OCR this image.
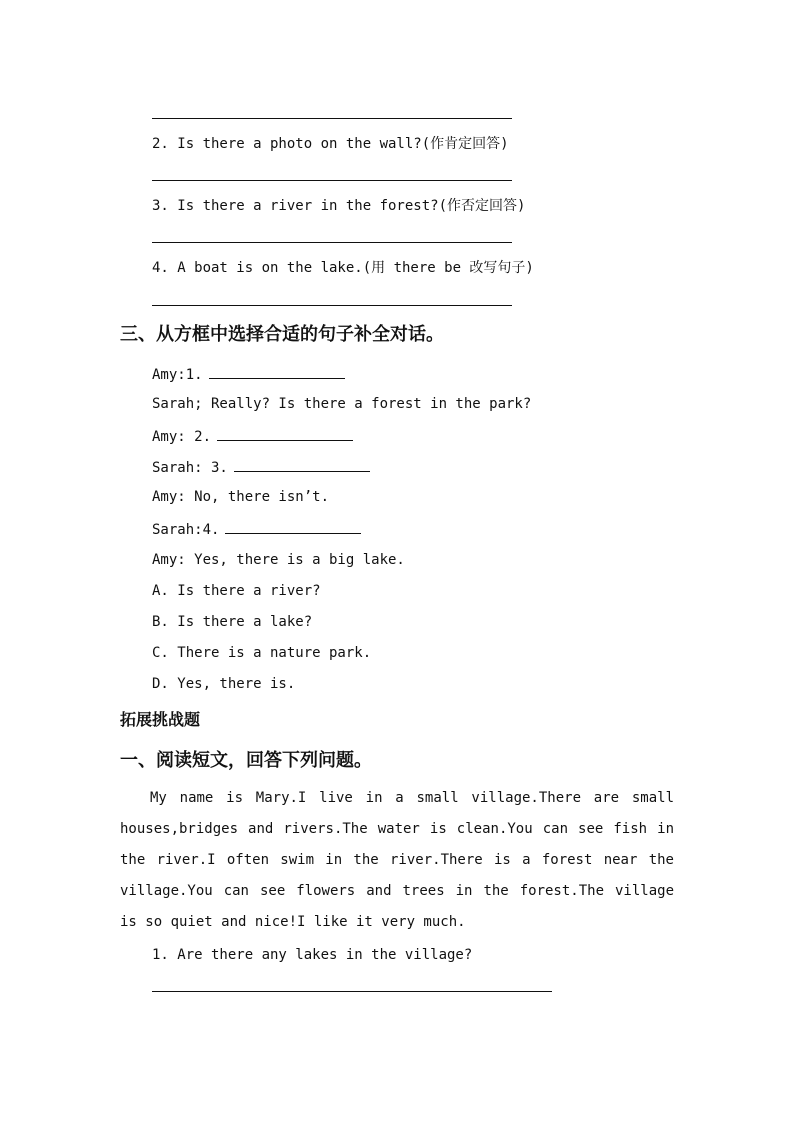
2. Is there a photo on the wall?(作肯定回答)
3. Is there a river in the forest?(作否定回答)
4. A boat is on the lake.(用 there be 改写句子)
三、从方框中选择合适的句子补全对话。
Amy:1.
Sarah; Really? Is there a forest in the park?
Amy: 2.
Sarah: 3.
Amy: No, there isn’t.
Sarah:4.
Amy: Yes, there is a big lake.
A. Is there a river?
B. Is there a lake?
C. There is a nature park.
D. Yes, there is.
拓展挑战题
一、阅读短文，回答下列问题。
My name is Mary.I live in a small village.There are small houses,bridges and rivers.The water is clean.You can see fish in the river.I often swim in the river.There is a forest near the village.You can see flowers and trees in the forest.The village is so quiet and nice!I like it very much.
1. Are there any lakes in the village?
